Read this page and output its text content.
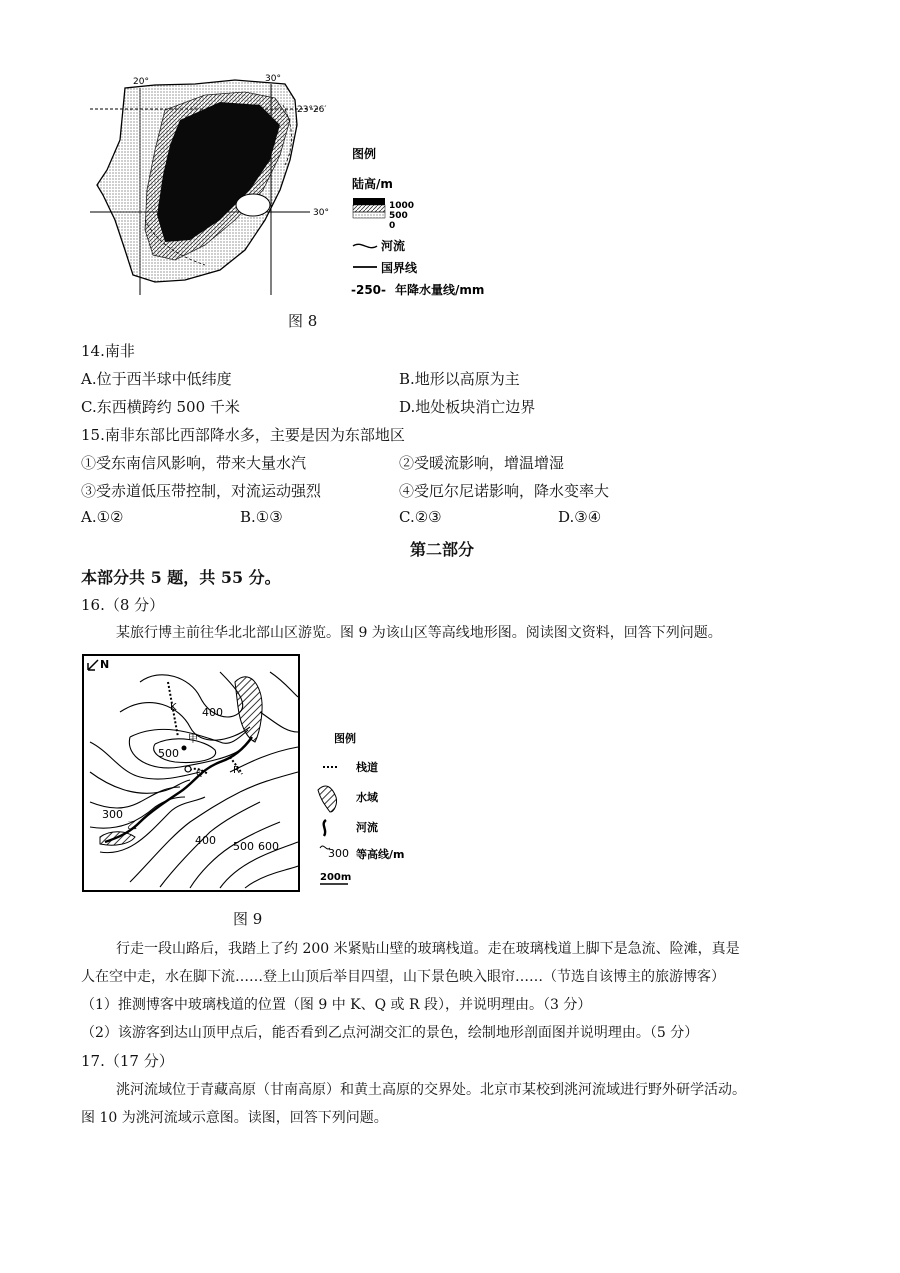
20°	30°
23°26′
30°
图例
陆高/m
1000
500
0
河流
国界线
-250- 年降水量线/mm
图 8
14.南非
A.位于西半球中低纬度	B.地形以高原为主
C.东西横跨约 500 千米	D.地处板块消亡边界
15.南非东部比西部降水多，主要是因为东部地区
①受东南信风影响，带来大量水汽	②受暖流影响，增温增湿
③受赤道低压带控制，对流运动强烈	④受厄尔尼诺影响，降水变率大
A.①②	B.①③	C.②③	D.③④
第二部分
本部分共 5 题，共 55 分。
16.（8 分）
某旅行博主前往华北北部山区游览。图 9 为该山区等高线地形图。阅读图文资料，回答下列问题。
N
K
Q	R
甲
乙
400
500
300
400 500 600
图例
栈道
水域
河流
300 等高线/m
200m
图 9
行走一段山路后，我踏上了约 200 米紧贴山壁的玻璃栈道。走在玻璃栈道上脚下是急流、险滩，真是
人在空中走，水在脚下流……登上山顶后举目四望，山下景色映入眼帘……（节选自该博主的旅游博客）
（1）推测博客中玻璃栈道的位置（图 9 中 K、Q 或 R 段），并说明理由。（3 分）
（2）该游客到达山顶甲点后，能否看到乙点河湖交汇的景色，绘制地形剖面图并说明理由。（5 分）
17.（17 分）
洮河流域位于青藏高原（甘南高原）和黄土高原的交界处。北京市某校到洮河流域进行野外研学活动。
图 10 为洮河流域示意图。读图，回答下列问题。
